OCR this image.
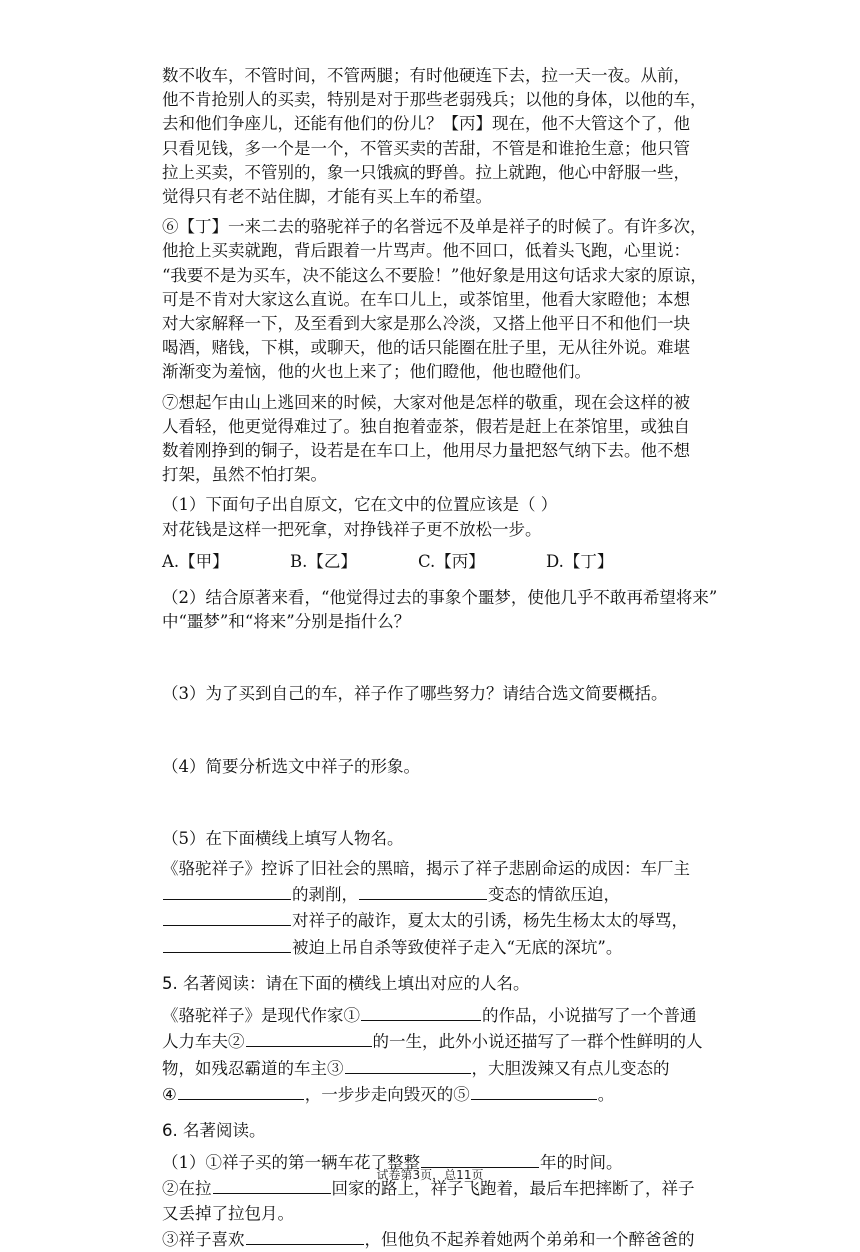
数不收车，不管时间，不管两腿；有时他硬连下去，拉一天一夜。从前，

他不肯抢别人的买卖，特别是对于那些老弱残兵；以他的身体，以他的车，

去和他们争座儿，还能有他们的份儿？【丙】现在，他不大管这个了，他

只看见钱，多一个是一个，不管买卖的苦甜，不管是和谁抢生意；他只管

拉上买卖，不管别的，象一只饿疯的野兽。拉上就跑，他心中舒服一些，

觉得只有老不站住脚，才能有买上车的希望。

⑥【丁】一来二去的骆驼祥子的名誉远不及单是祥子的时候了。有许多次，

他抢上买卖就跑，背后跟着一片骂声。他不回口，低着头飞跑，心里说：

“我要不是为买车，决不能这么不要脸！”他好象是用这句话求大家的原谅，

可是不肯对大家这么直说。在车口儿上，或茶馆里，他看大家瞪他；本想

对大家解释一下，及至看到大家是那么冷淡，又搭上他平日不和他们一块

喝酒，赌钱，下棋，或聊天，他的话只能圈在肚子里，无从往外说。难堪

渐渐变为羞恼，他的火也上来了；他们瞪他，他也瞪他们。

⑦想起乍由山上逃回来的时候，大家对他是怎样的敬重，现在会这样的被

人看轻，他更觉得难过了。独自抱着壶茶，假若是赶上在茶馆里，或独自

数着刚挣到的铜子，设若是在车口上，他用尽力量把怒气纳下去。他不想

打架，虽然不怕打架。

（1）下面句子出自原文，它在文中的位置应该是（ ）

对花钱是这样一把死拿，对挣钱祥子更不放松一步。

A.【甲】	B.【乙】	C.【丙】	D.【丁】

（2）结合原著来看，“他觉得过去的事象个噩梦，使他几乎不敢再希望将来”

中“噩梦”和“将来”分别是指什么？

（3）为了买到自己的车，祥子作了哪些努力？请结合选文简要概括。

（4）简要分析选文中祥子的形象。

（5）在下面横线上填写人物名。

《骆驼祥子》控诉了旧社会的黑暗，揭示了祥子悲剧命运的成因：车厂主

的剥削，	变态的情欲压迫，

对祥子的敲诈，夏太太的引诱，杨先生杨太太的辱骂，

被迫上吊自杀等致使祥子走入“无底的深坑”。

5. 名著阅读：请在下面的横线上填出对应的人名。

《骆驼祥子》是现代作家①	的作品，小说描写了一个普通

人力车夫②	的一生，此外小说还描写了一群个性鲜明的人

物，如残忍霸道的车主③	，大胆泼辣又有点儿变态的

④	，一步步走向毁灭的⑤	。

6. 名著阅读。

（1）①祥子买的第一辆车花了整整	年的时间。

②在拉	回家的路上，祥子飞跑着，最后车把摔断了，祥子

又丢掉了拉包月。

③祥子喜欢	，但他负不起养着她两个弟弟和一个醉爸爸的

试卷第3页，总11页
